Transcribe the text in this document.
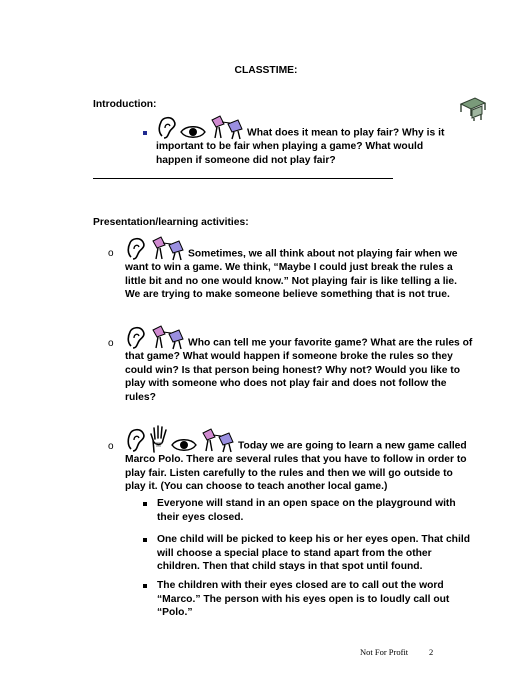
CLASSTIME:
Introduction:
What does it mean to play fair? Why is it important to be fair when playing a game? What would happen if someone did not play fair?
Presentation/learning activities:
o	Sometimes, we all think about not playing fair when we want to win a game. We think, “Maybe I could just break the rules a little bit and no one would know.” Not playing fair is like telling a lie. We are trying to make someone believe something that is not true.
o	Who can tell me your favorite game? What are the rules of that game? What would happen if someone broke the rules so they could win? Is that person being honest? Why not? Would you like to play with someone who does not play fair and does not follow the rules?
o	Today we are going to learn a new game called Marco Polo. There are several rules that you have to follow in order to play fair. Listen carefully to the rules and then we will go outside to play it. (You can choose to teach another local game.)
Everyone will stand in an open space on the playground with their eyes closed.
One child will be picked to keep his or her eyes open. That child will choose a special place to stand apart from the other children. Then that child stays in that spot until found.
The children with their eyes closed are to call out the word “Marco.” The person with his eyes open is to loudly call out “Polo.”
Not For Profit 2
